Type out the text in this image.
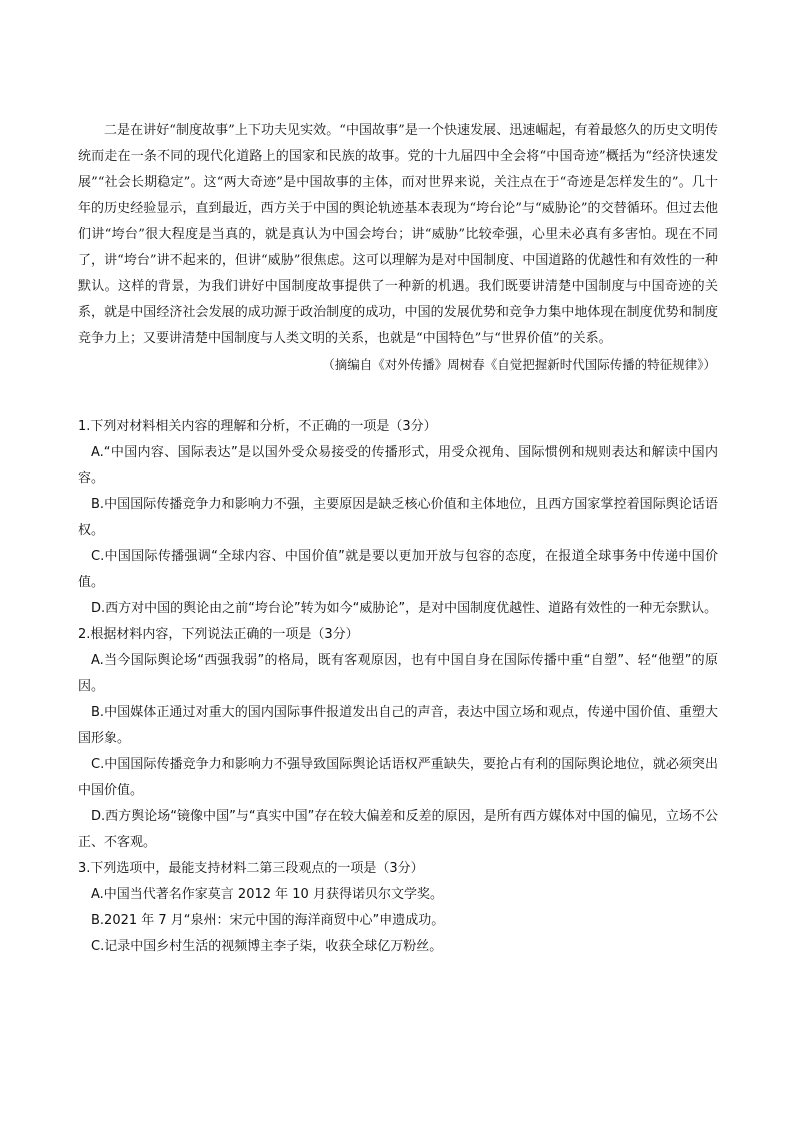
二是在讲好“制度故事”上下功夫见实效。“中国故事”是一个快速发展、迅速崛起，有着最悠久的历史文明传统而走在一条不同的现代化道路上的国家和民族的故事。党的十九届四中全会将“中国奇迹”概括为“经济快速发展”“社会长期稳定”。这“两大奇迹”是中国故事的主体，而对世界来说，关注点在于“奇迹是怎样发生的”。几十年的历史经验显示，直到最近，西方关于中国的舆论轨迹基本表现为“垮台论”与“威胁论”的交替循环。但过去他们讲“垮台”很大程度是当真的，就是真认为中国会垮台；讲“威胁”比较牵强，心里未必真有多害怕。现在不同了，讲“垮台”讲不起来的，但讲“威胁”很焦虑。这可以理解为是对中国制度、中国道路的优越性和有效性的一种默认。这样的背景，为我们讲好中国制度故事提供了一种新的机遇。我们既要讲清楚中国制度与中国奇迹的关系，就是中国经济社会发展的成功源于政治制度的成功，中国的发展优势和竞争力集中地体现在制度优势和制度竞争力上；又要讲清楚中国制度与人类文明的关系，也就是“中国特色”与“世界价值”的关系。

（摘编自《对外传播》周树春《自觉把握新时代国际传播的特征规律》）

1.下列对材料相关内容的理解和分析，不正确的一项是（3分）

A.“中国内容、国际表达”是以国外受众易接受的传播形式，用受众视角、国际惯例和规则表达和解读中国内容。

B.中国国际传播竞争力和影响力不强，主要原因是缺乏核心价值和主体地位，且西方国家掌控着国际舆论话语权。

C.中国国际传播强调“全球内容、中国价值”就是要以更加开放与包容的态度，在报道全球事务中传递中国价值。

D.西方对中国的舆论由之前“垮台论”转为如今“威胁论”，是对中国制度优越性、道路有效性的一种无奈默认。

2.根据材料内容，下列说法正确的一项是（3分）

A.当今国际舆论场“西强我弱”的格局，既有客观原因，也有中国自身在国际传播中重“自塑”、轻“他塑”的原因。

B.中国媒体正通过对重大的国内国际事件报道发出自己的声音，表达中国立场和观点，传递中国价值、重塑大国形象。

C.中国国际传播竞争力和影响力不强导致国际舆论话语权严重缺失，要抢占有利的国际舆论地位，就必须突出中国价值。

D.西方舆论场“镜像中国”与“真实中国”存在较大偏差和反差的原因，是所有西方媒体对中国的偏见，立场不公正、不客观。

3.下列选项中，最能支持材料二第三段观点的一项是（3分）

A.中国当代著名作家莫言 2012 年 10 月获得诺贝尔文学奖。

B.2021 年 7 月“泉州：宋元中国的海洋商贸中心”申遗成功。

C.记录中国乡村生活的视频博主李子柒，收获全球亿万粉丝。
